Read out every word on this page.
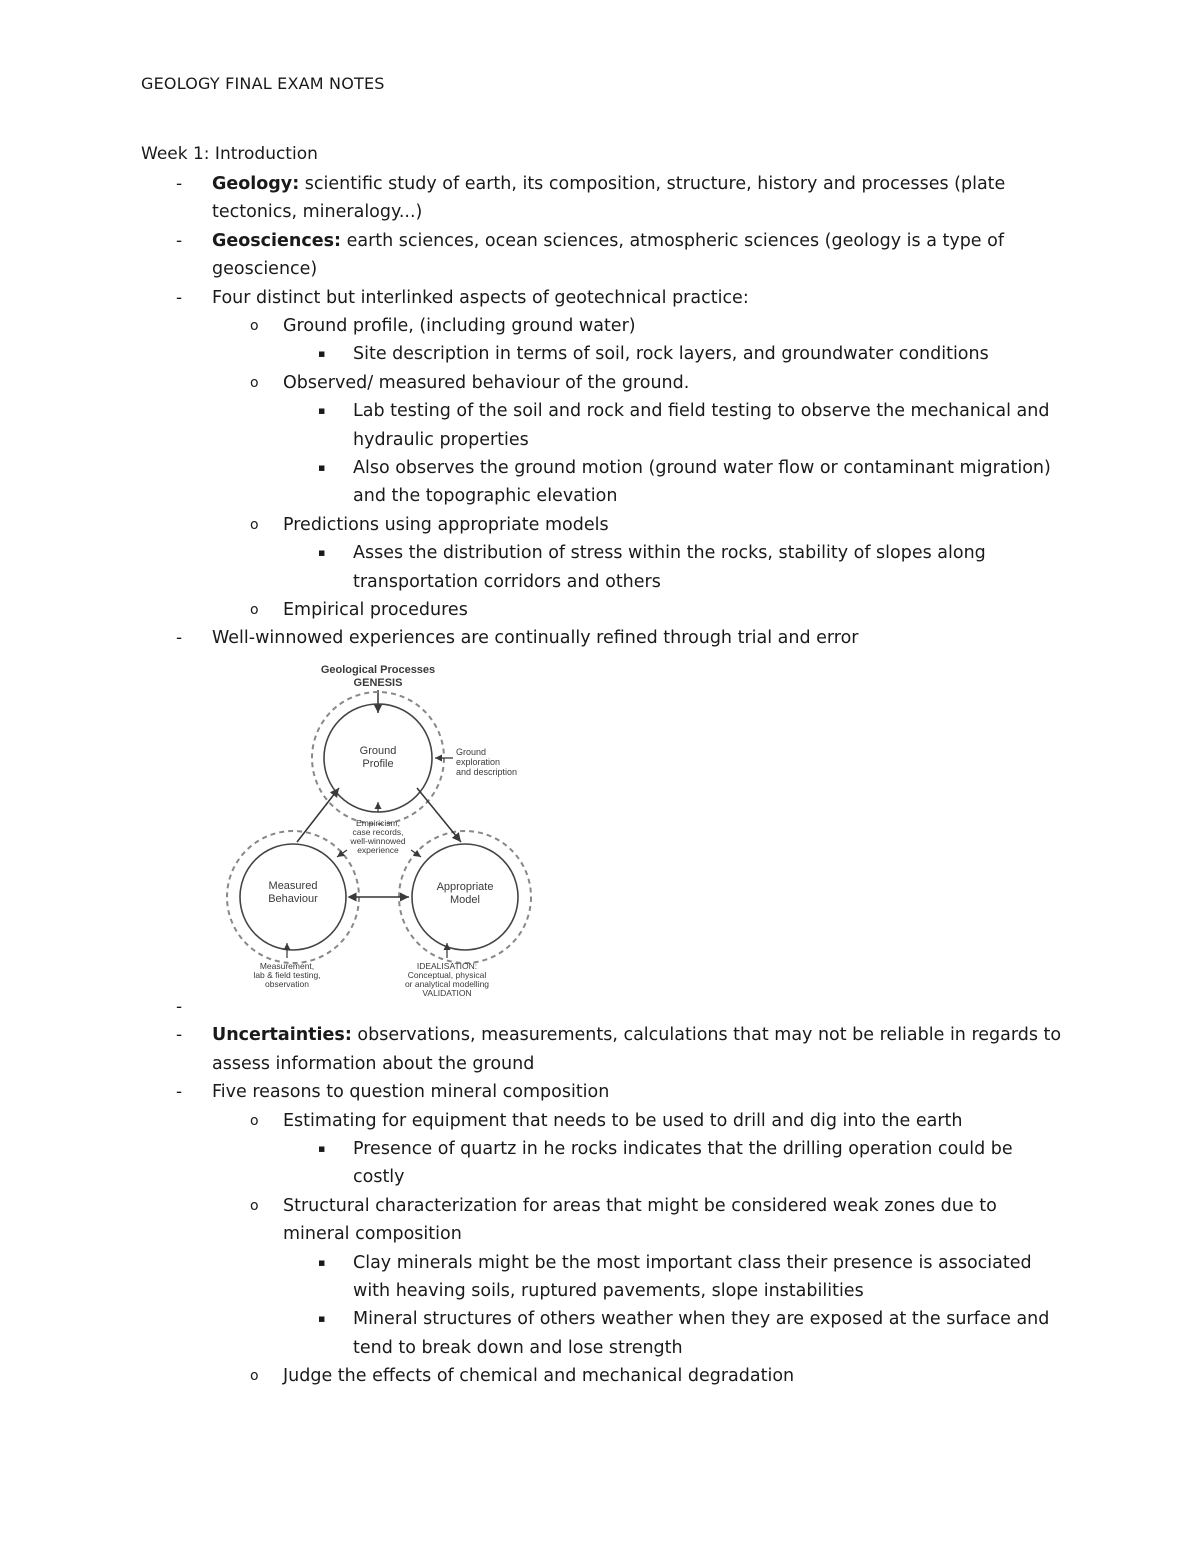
GEOLOGY FINAL EXAM NOTES
Week 1: Introduction
- Geology: scientific study of earth, its composition, structure, history and processes (plate
tectonics, mineralogy...)
- Geosciences: earth sciences, ocean sciences, atmospheric sciences (geology is a type of
geoscience)
- Four distinct but interlinked aspects of geotechnical practice:
o Ground profile, (including ground water)
▪ Site description in terms of soil, rock layers, and groundwater conditions
o Observed/ measured behaviour of the ground.
▪ Lab testing of the soil and rock and field testing to observe the mechanical and
hydraulic properties
▪ Also observes the ground motion (ground water flow or contaminant migration)
and the topographic elevation
o Predictions using appropriate models
▪ Asses the distribution of stress within the rocks, stability of slopes along
transportation corridors and others
o Empirical procedures
- Well-winnowed experiences are continually refined through trial and error
Geological Processes
GENESIS
Ground
Profile
Ground
exploration
and description
Measured
Behaviour
Appropriate
Model
Empiricism,
case records,
well-winnowed
experience
Measurement,
lab & field testing,
observation
IDEALISATION:
Conceptual, physical
or analytical modelling
VALIDATION
-
- Uncertainties: observations, measurements, calculations that may not be reliable in regards to
assess information about the ground
- Five reasons to question mineral composition
o Estimating for equipment that needs to be used to drill and dig into the earth
▪ Presence of quartz in he rocks indicates that the drilling operation could be
costly
o Structural characterization for areas that might be considered weak zones due to
mineral composition
▪ Clay minerals might be the most important class their presence is associated
with heaving soils, ruptured pavements, slope instabilities
▪ Mineral structures of others weather when they are exposed at the surface and
tend to break down and lose strength
o Judge the effects of chemical and mechanical degradation
